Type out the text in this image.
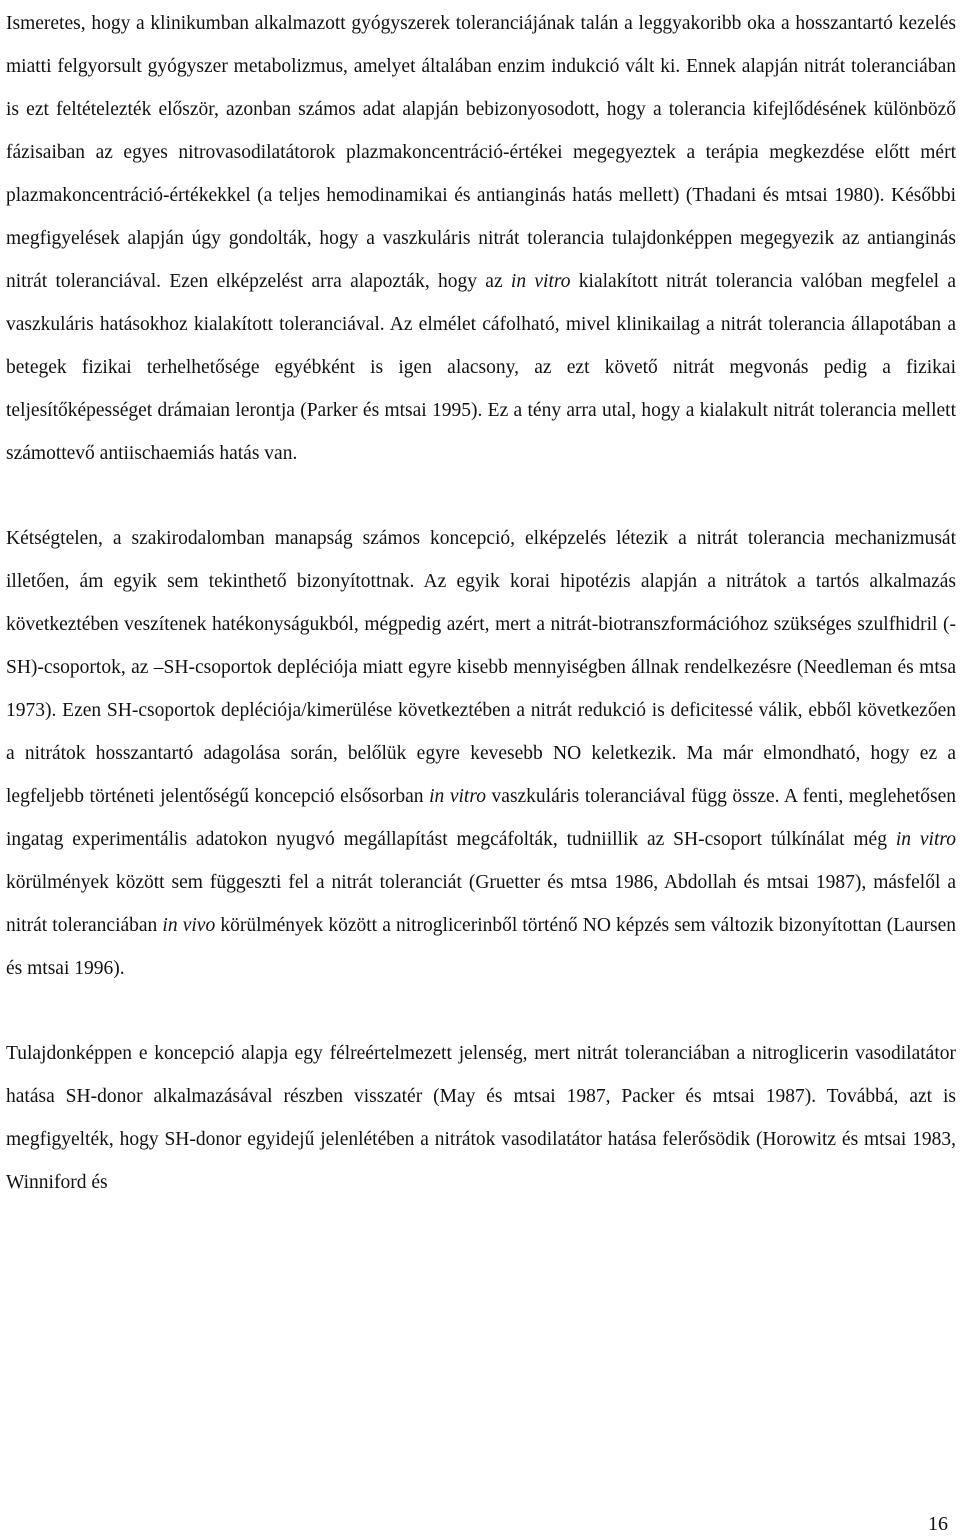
Ismeretes, hogy a klinikumban alkalmazott gyógyszerek toleranciájának talán a leggyakoribb oka a hosszantartó kezelés miatti felgyorsult gyógyszer metabolizmus, amelyet általában enzim indukció vált ki. Ennek alapján nitrát toleranciában is ezt feltételezték először, azonban számos adat alapján bebizonyosodott, hogy a tolerancia kifejlődésének különböző fázisaiban az egyes nitrovasodilatátorok plazmakoncentráció-értékei megegyeztek a terápia megkezdése előtt mért plazmakoncentráció-értékekkel (a teljes hemodinamikai és antianginás hatás mellett) (Thadani és mtsai 1980). Későbbi megfigyelések alapján úgy gondolták, hogy a vaszkuláris nitrát tolerancia tulajdonképpen megegyezik az antianginás nitrát toleranciával. Ezen elképzelést arra alapozták, hogy az in vitro kialakított nitrát tolerancia valóban megfelel a vaszkuláris hatásokhoz kialakított toleranciával. Az elmélet cáfolható, mivel klinikailag a nitrát tolerancia állapotában a betegek fizikai terhelhetősége egyébként is igen alacsony, az ezt követő nitrát megvonás pedig a fizikai teljesítőképességet drámaian lerontja (Parker és mtsai 1995). Ez a tény arra utal, hogy a kialakult nitrát tolerancia mellett számottevő antiischaemiás hatás van.

Kétségtelen, a szakirodalomban manapság számos koncepció, elképzelés létezik a nitrát tolerancia mechanizmusát illetően, ám egyik sem tekinthető bizonyítottnak. Az egyik korai hipotézis alapján a nitrátok a tartós alkalmazás következtében veszítenek hatékonyságukból, mégpedig azért, mert a nitrát-biotranszformációhoz szükséges szulfhidril (-SH)-csoportok, az –SH-csoportok depléciója miatt egyre kisebb mennyiségben állnak rendelkezésre (Needleman és mtsa 1973). Ezen SH-csoportok depléciója/kimerülése következtében a nitrát redukció is deficitessé válik, ebből következően a nitrátok hosszantartó adagolása során, belőlük egyre kevesebb NO keletkezik. Ma már elmondható, hogy ez a legfeljebb történeti jelentőségű koncepció elsősorban in vitro vaszkuláris toleranciával függ össze. A fenti, meglehetősen ingatag experimentális adatokon nyugvó megállapítást megcáfolták, tudniillik az SH-csoport túlkínálat még in vitro körülmények között sem függeszti fel a nitrát toleranciát (Gruetter és mtsa 1986, Abdollah és mtsai 1987), másfelől a nitrát toleranciában in vivo körülmények között a nitroglicerinből történő NO képzés sem változik bizonyítottan (Laursen és mtsai 1996).

Tulajdonképpen e koncepció alapja egy félreértelmezett jelenség, mert nitrát toleranciában a nitroglicerin vasodilatátor hatása SH-donor alkalmazásával részben visszatér (May és mtsai 1987, Packer és mtsai 1987). Továbbá, azt is megfigyelték, hogy SH-donor egyidejű jelenlétében a nitrátok vasodilatátor hatása felerősödik (Horowitz és mtsai 1983, Winniford és

16
